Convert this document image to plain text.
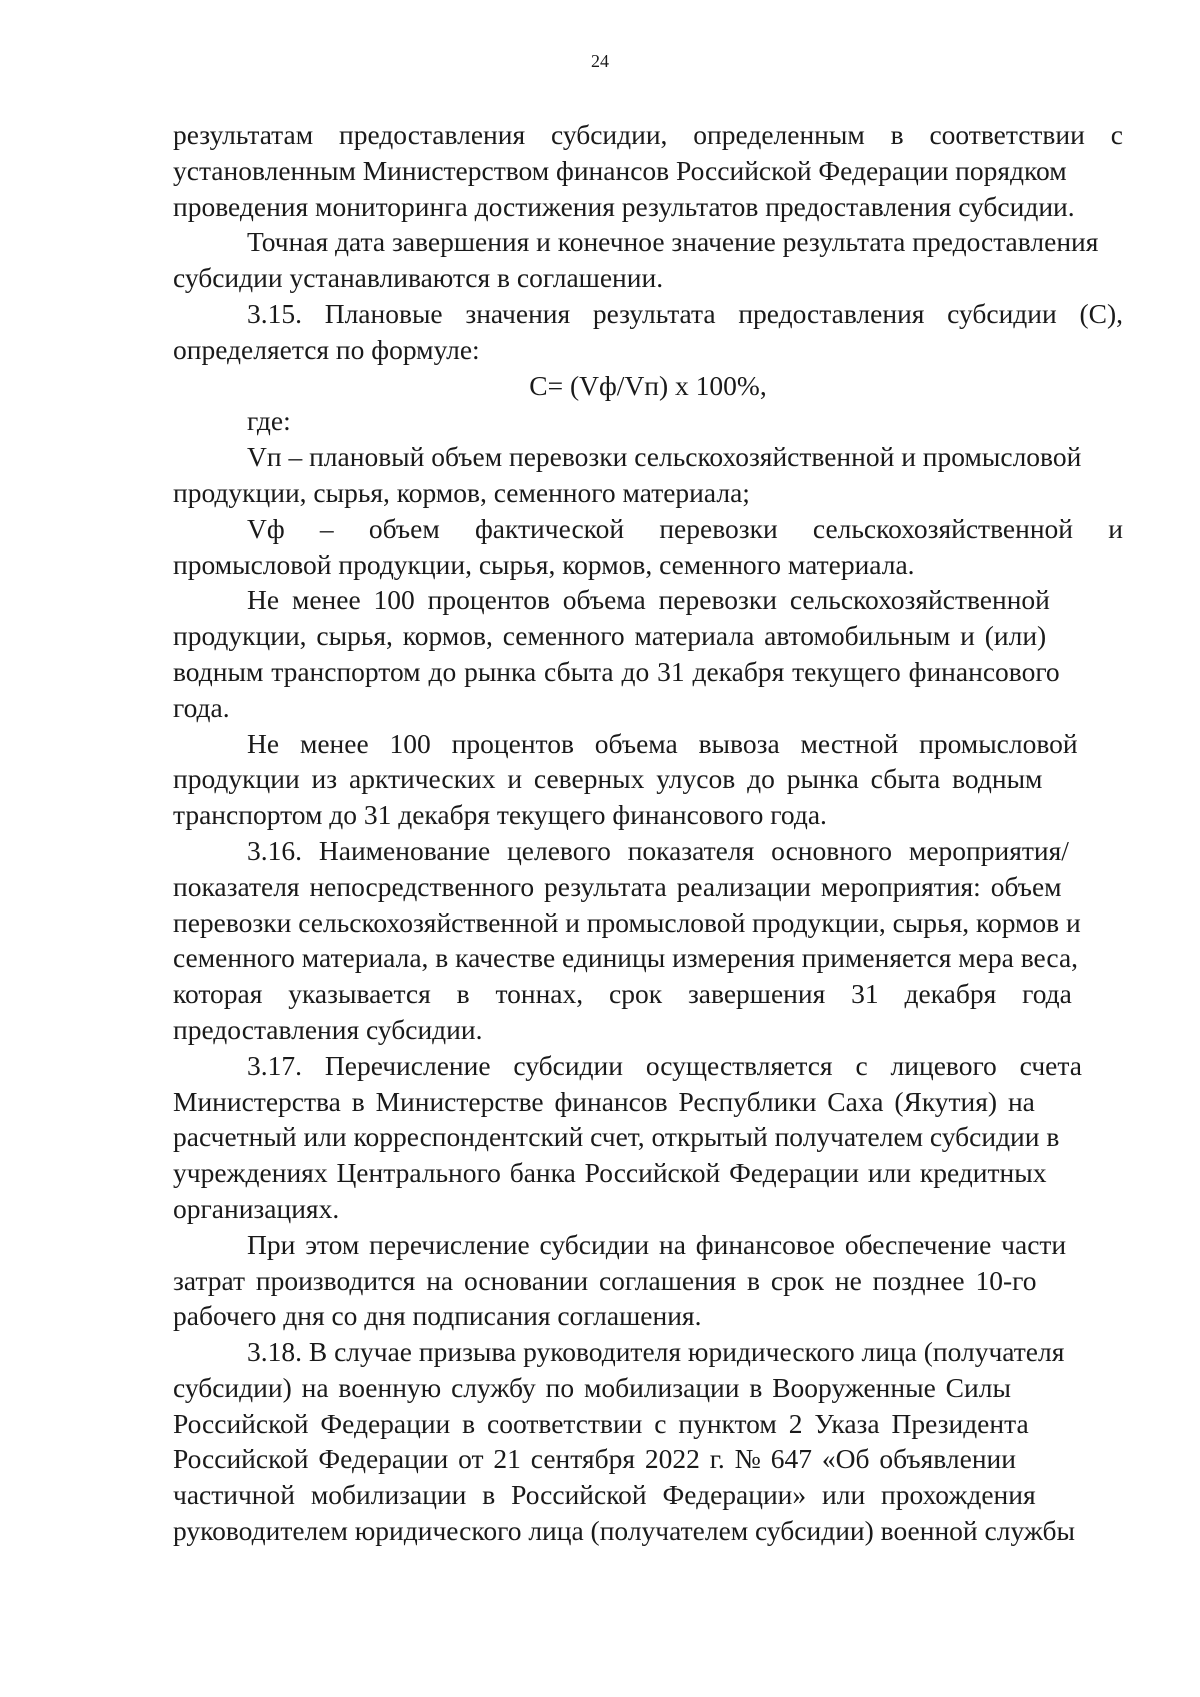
24
результатам предоставления субсидии, определенным в соответствии с
установленным Министерством финансов Российской Федерации порядком
проведения мониторинга достижения результатов предоставления субсидии.
Точная дата завершения и конечное значение результата предоставления
субсидии устанавливаются в соглашении.
3.15. Плановые значения результата предоставления субсидии (С),
определяется по формуле:
С= (Vф/Vп) x 100%,
где:
Vп – плановый объем перевозки сельскохозяйственной и промысловой
продукции, сырья, кормов, семенного материала;
Vф – объем фактической перевозки сельскохозяйственной и
промысловой продукции, сырья, кормов, семенного материала.
Не менее 100 процентов объема перевозки сельскохозяйственной
продукции, сырья, кормов, семенного материала автомобильным и (или)
водным транспортом до рынка сбыта до 31 декабря текущего финансового
года.
Не менее 100 процентов объема вывоза местной промысловой
продукции из арктических и северных улусов до рынка сбыта водным
транспортом до 31 декабря текущего финансового года.
3.16. Наименование целевого показателя основного мероприятия/
показателя непосредственного результата реализации мероприятия: объем
перевозки сельскохозяйственной и промысловой продукции, сырья, кормов и
семенного материала, в качестве единицы измерения применяется мера веса,
которая указывается в тоннах, срок завершения 31 декабря года
предоставления субсидии.
3.17. Перечисление субсидии осуществляется с лицевого счета
Министерства в Министерстве финансов Республики Саха (Якутия) на
расчетный или корреспондентский счет, открытый получателем субсидии в
учреждениях Центрального банка Российской Федерации или кредитных
организациях.
При этом перечисление субсидии на финансовое обеспечение части
затрат производится на основании соглашения в срок не позднее 10-го
рабочего дня со дня подписания соглашения.
3.18. В случае призыва руководителя юридического лица (получателя
субсидии) на военную службу по мобилизации в Вооруженные Силы
Российской Федерации в соответствии с пунктом 2 Указа Президента
Российской Федерации от 21 сентября 2022 г. № 647 «Об объявлении
частичной мобилизации в Российской Федерации» или прохождения
руководителем юридического лица (получателем субсидии) военной службы
